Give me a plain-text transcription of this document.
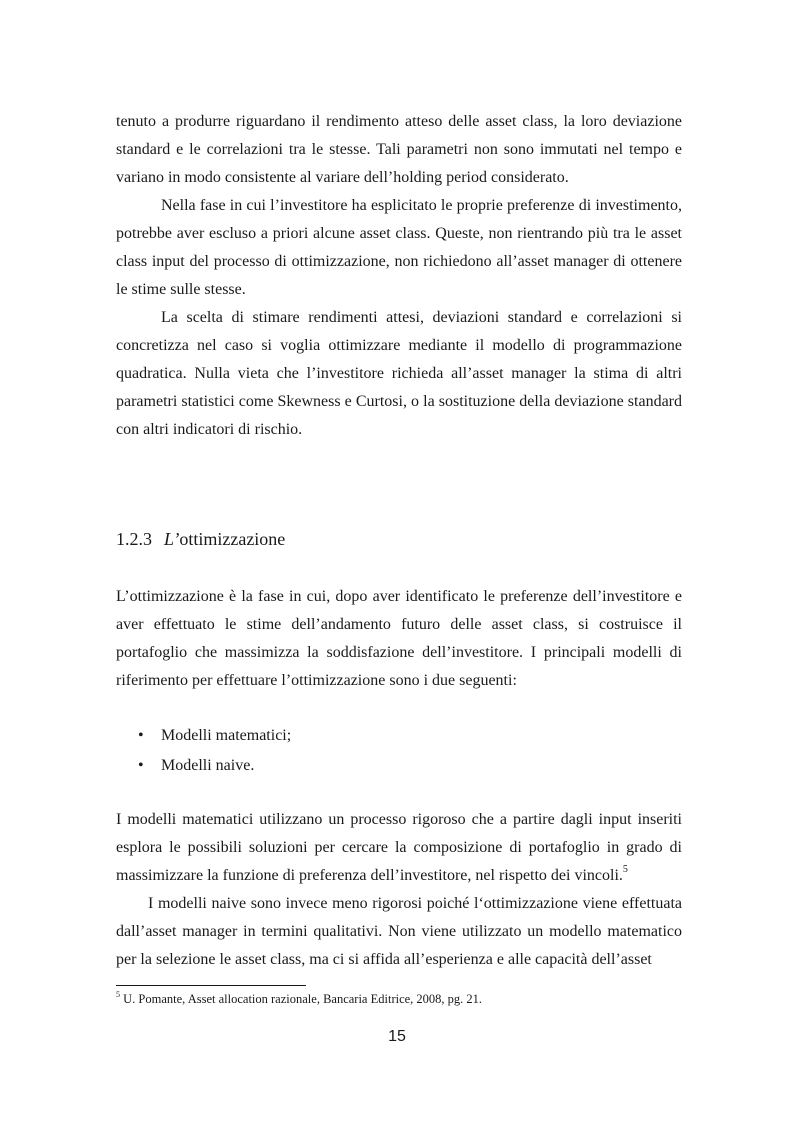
tenuto a produrre riguardano il rendimento atteso delle asset class, la loro deviazione standard e le correlazioni tra le stesse. Tali parametri non sono immutati nel tempo e variano in modo consistente al variare dell’holding period considerato.

Nella fase in cui l’investitore ha esplicitato le proprie preferenze di investimento, potrebbe aver escluso a priori alcune asset class. Queste, non rientrando più tra le asset class input del processo di ottimizzazione, non richiedono all’asset manager di ottenere le stime sulle stesse.

La scelta di stimare rendimenti attesi, deviazioni standard e correlazioni si concretizza nel caso si voglia ottimizzare mediante il modello di programmazione quadratica. Nulla vieta che l’investitore richieda all’asset manager la stima di altri parametri statistici come Skewness e Curtosi, o la sostituzione della deviazione standard con altri indicatori di rischio.

1.2.3 L’ottimizzazione

L’ottimizzazione è la fase in cui, dopo aver identificato le preferenze dell’investitore e aver effettuato le stime dell’andamento futuro delle asset class, si costruisce il portafoglio che massimizza la soddisfazione dell’investitore. I principali modelli di riferimento per effettuare l’ottimizzazione sono i due seguenti:

• Modelli matematici;
• Modelli naive.

I modelli matematici utilizzano un processo rigoroso che a partire dagli input inseriti esplora le possibili soluzioni per cercare la composizione di portafoglio in grado di massimizzare la funzione di preferenza dell’investitore, nel rispetto dei vincoli.$^5$

I modelli naive sono invece meno rigorosi poiché l‘ottimizzazione viene effettuata dall’asset manager in termini qualitativi. Non viene utilizzato un modello matematico per la selezione le asset class, ma ci si affida all’esperienza e alle capacità dell’asset

$^5$ U. Pomante, Asset allocation razionale, Bancaria Editrice, 2008, pg. 21.

15
